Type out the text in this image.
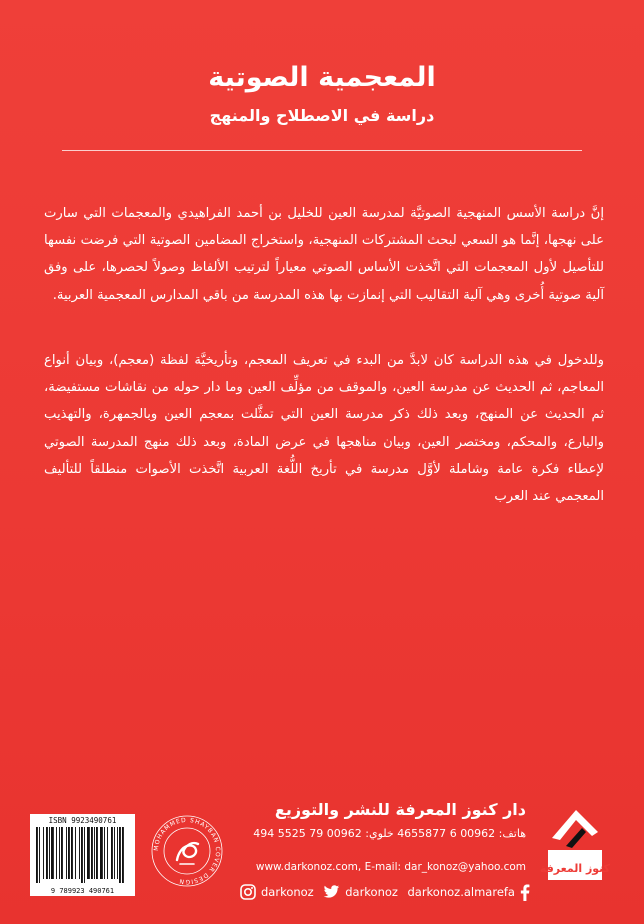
المعجمية الصوتية
دراسة في الاصطلاح والمنهج
إنَّ دراسة الأسس المنهجية الصوتيَّة لمدرسة العين للخليل بن أحمد الفراهيدي والمعجمات التي سارت على نهجها، إنَّما هو السعي لبحث المشتركات المنهجية، واستخراج المضامين الصوتية التي فرضت نفسها للتأصيل لأول المعجمات التي اتَّخذت الأساس الصوتي معياراً لترتيب الألفاظ وصولاً لحصرها، على وفق آلية صوتية أُخرى وهي آلية التقاليب التي إنمازت بها هذه المدرسة من باقي المدارس المعجمية العربية.
وللدخول في هذه الدراسة كان لابدَّ من البدء في تعريف المعجم، وتأريخيَّة لفظة (معجم)، وبيان أنواع المعاجم، ثم الحديث عن مدرسة العين، والموقف من مؤلِّف العين وما دار حوله من نقاشات مستفيضة، ثم الحديث عن المنهج، وبعد ذلك ذكر مدرسة العين التي تمثَّلت بمعجم العين وبالجمهرة، والتهذيب والبارع، والمحكم، ومختصر العين، وبيان مناهجها في عرض المادة، وبعد ذلك منهج المدرسة الصوتي لإعطاء فكرة عامة وشاملة لأوَّل مدرسة في تأريخ اللُّغة العربية اتَّخذت الأصوات منطلقاً للتأليف المعجمي عند العرب
كنوز المعرفة
دار كنوز المعرفة للنشر والتوزيع
هاتف: 00962 6 4655877 خلوي: 00962 79 5525 494
www.darkonoz.com, E-mail: dar_konoz@yahoo.com
darkonoz	darkonoz darkonoz.almarefa
MOHAMMED SHAYBAN COVER DESIGN
ISBN 9923490761
9 789923 490761
